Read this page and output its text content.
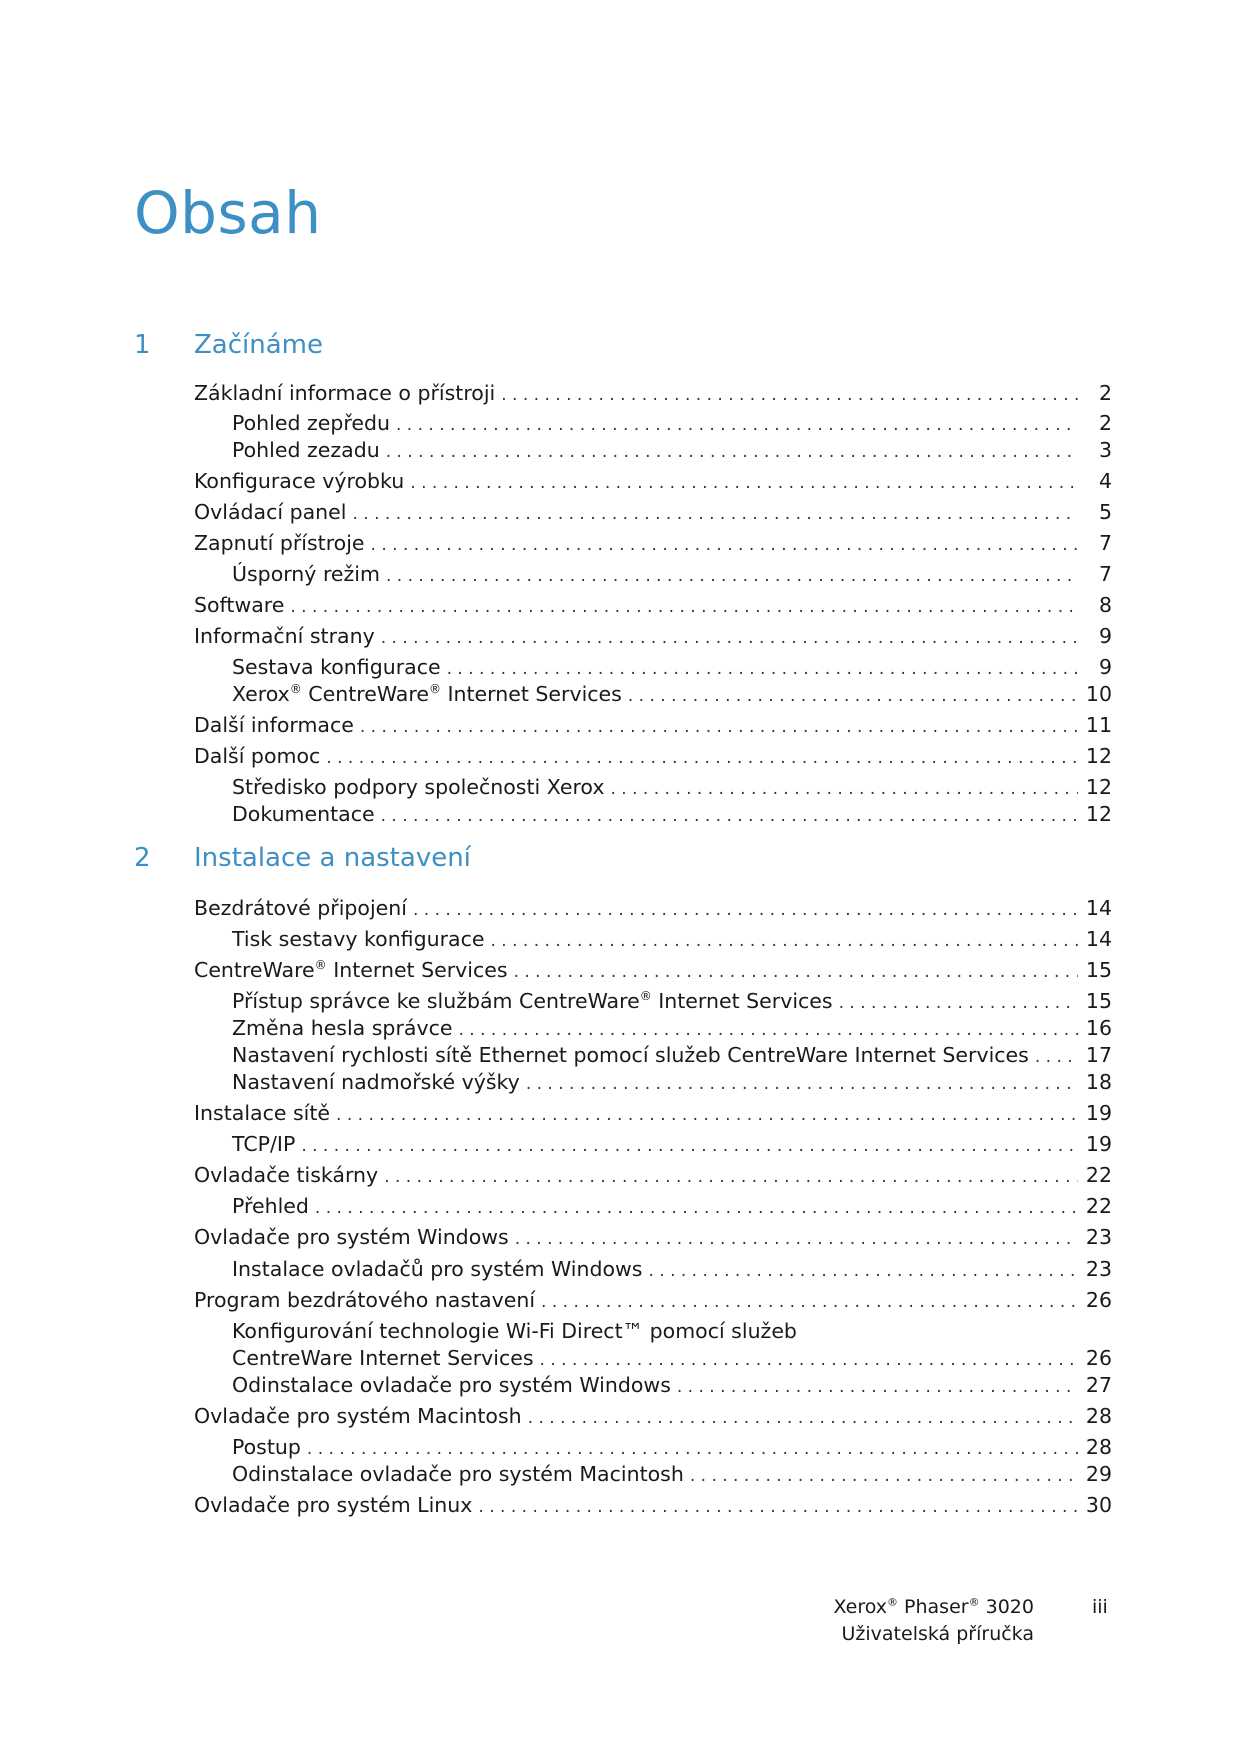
Obsah
1	Začínáme
Základní informace o přístroji . . .	2
Pohled zepředu . . .	2
Pohled zezadu . . .	3
Konfigurace výrobku . . .	4
Ovládací panel . . .	5
Zapnutí přístroje . . .	7
Úsporný režim . . .	7
Software . . .	8
Informační strany . . .	9
Sestava konfigurace . . .	9
Xerox® CentreWare® Internet Services . . .	10
Další informace . . .	11
Další pomoc . . .	12
Středisko podpory společnosti Xerox . . .	12
Dokumentace . . .	12
2	Instalace a nastavení
Bezdrátové připojení . . .	14
Tisk sestavy konfigurace . . .	14
CentreWare® Internet Services . . .	15
Přístup správce ke službám CentreWare® Internet Services . . .	15
Změna hesla správce . . .	16
Nastavení rychlosti sítě Ethernet pomocí služeb CentreWare Internet Services . . .	17
Nastavení nadmořské výšky . . .	18
Instalace sítě . . .	19
TCP/IP . . .	19
Ovladače tiskárny . . .	22
Přehled . . .	22
Ovladače pro systém Windows . . .	23
Instalace ovladačů pro systém Windows . . .	23
Program bezdrátového nastavení . . .	26
Konfigurování technologie Wi-Fi Direct™ pomocí služeb
CentreWare Internet Services . . .	26
Odinstalace ovladače pro systém Windows . . .	27
Ovladače pro systém Macintosh . . .	28
Postup . . .	28
Odinstalace ovladače pro systém Macintosh . . .	29
Ovladače pro systém Linux . . .	30
Xerox® Phaser® 3020
Uživatelská příručka
iii
